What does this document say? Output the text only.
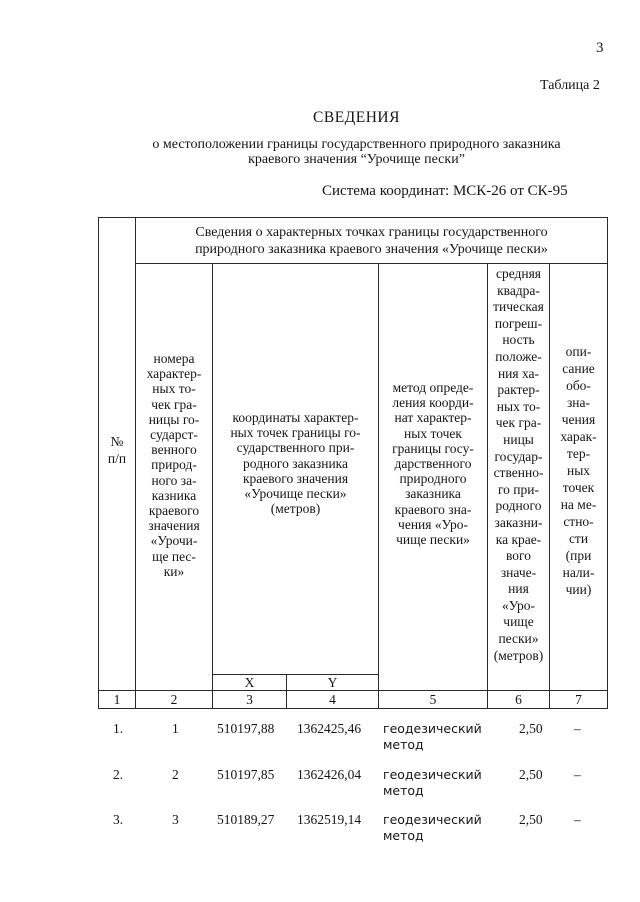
3
Таблица 2
СВЕДЕНИЯ
о местоположении границы государственного природного заказника
краевого значения “Урочище пески”
Система координат: МСК-26 от СК-95
Сведения о характерных точках границы государственного
природного заказника краевого значения «Урочище пески»
№
п/п
номера
характер-
ных то-
чек гра-
ницы го-
сударст-
венного
природ-
ного за-
казника
краевого
значения
«Урочи-
ще пес-
ки»
координаты характер-
ных точек границы го-
сударственного при-
родного заказника
краевого значения
«Урочище пески»
(метров)
X	Y
метод опреде-
ления коорди-
нат характер-
ных точек
границы госу-
дарственного
природного
заказника
краевого зна-
чения «Уро-
чище пески»
средняя
квадра-
тическая
погреш-
ность
положе-
ния ха-
рактер-
ных то-
чек гра-
ницы
государ-
ственно-
го при-
родного
заказни-
ка крае-
вого
значе-
ния
«Уро-
чище
пески»
(метров)
опи-
сание
обо-
зна-
чения
харак-
тер-
ных
точек
на ме-
стно-
сти
(при
нали-
чии)
1	2	3	4	5	6	7
1.	1	510197,88 1362425,46 геодезический
метод
2,50 –
2.	2	510197,85 1362426,04 геодезический
метод
2,50 –
3.	3	510189,27 1362519,14 геодезический
метод
2,50 –
